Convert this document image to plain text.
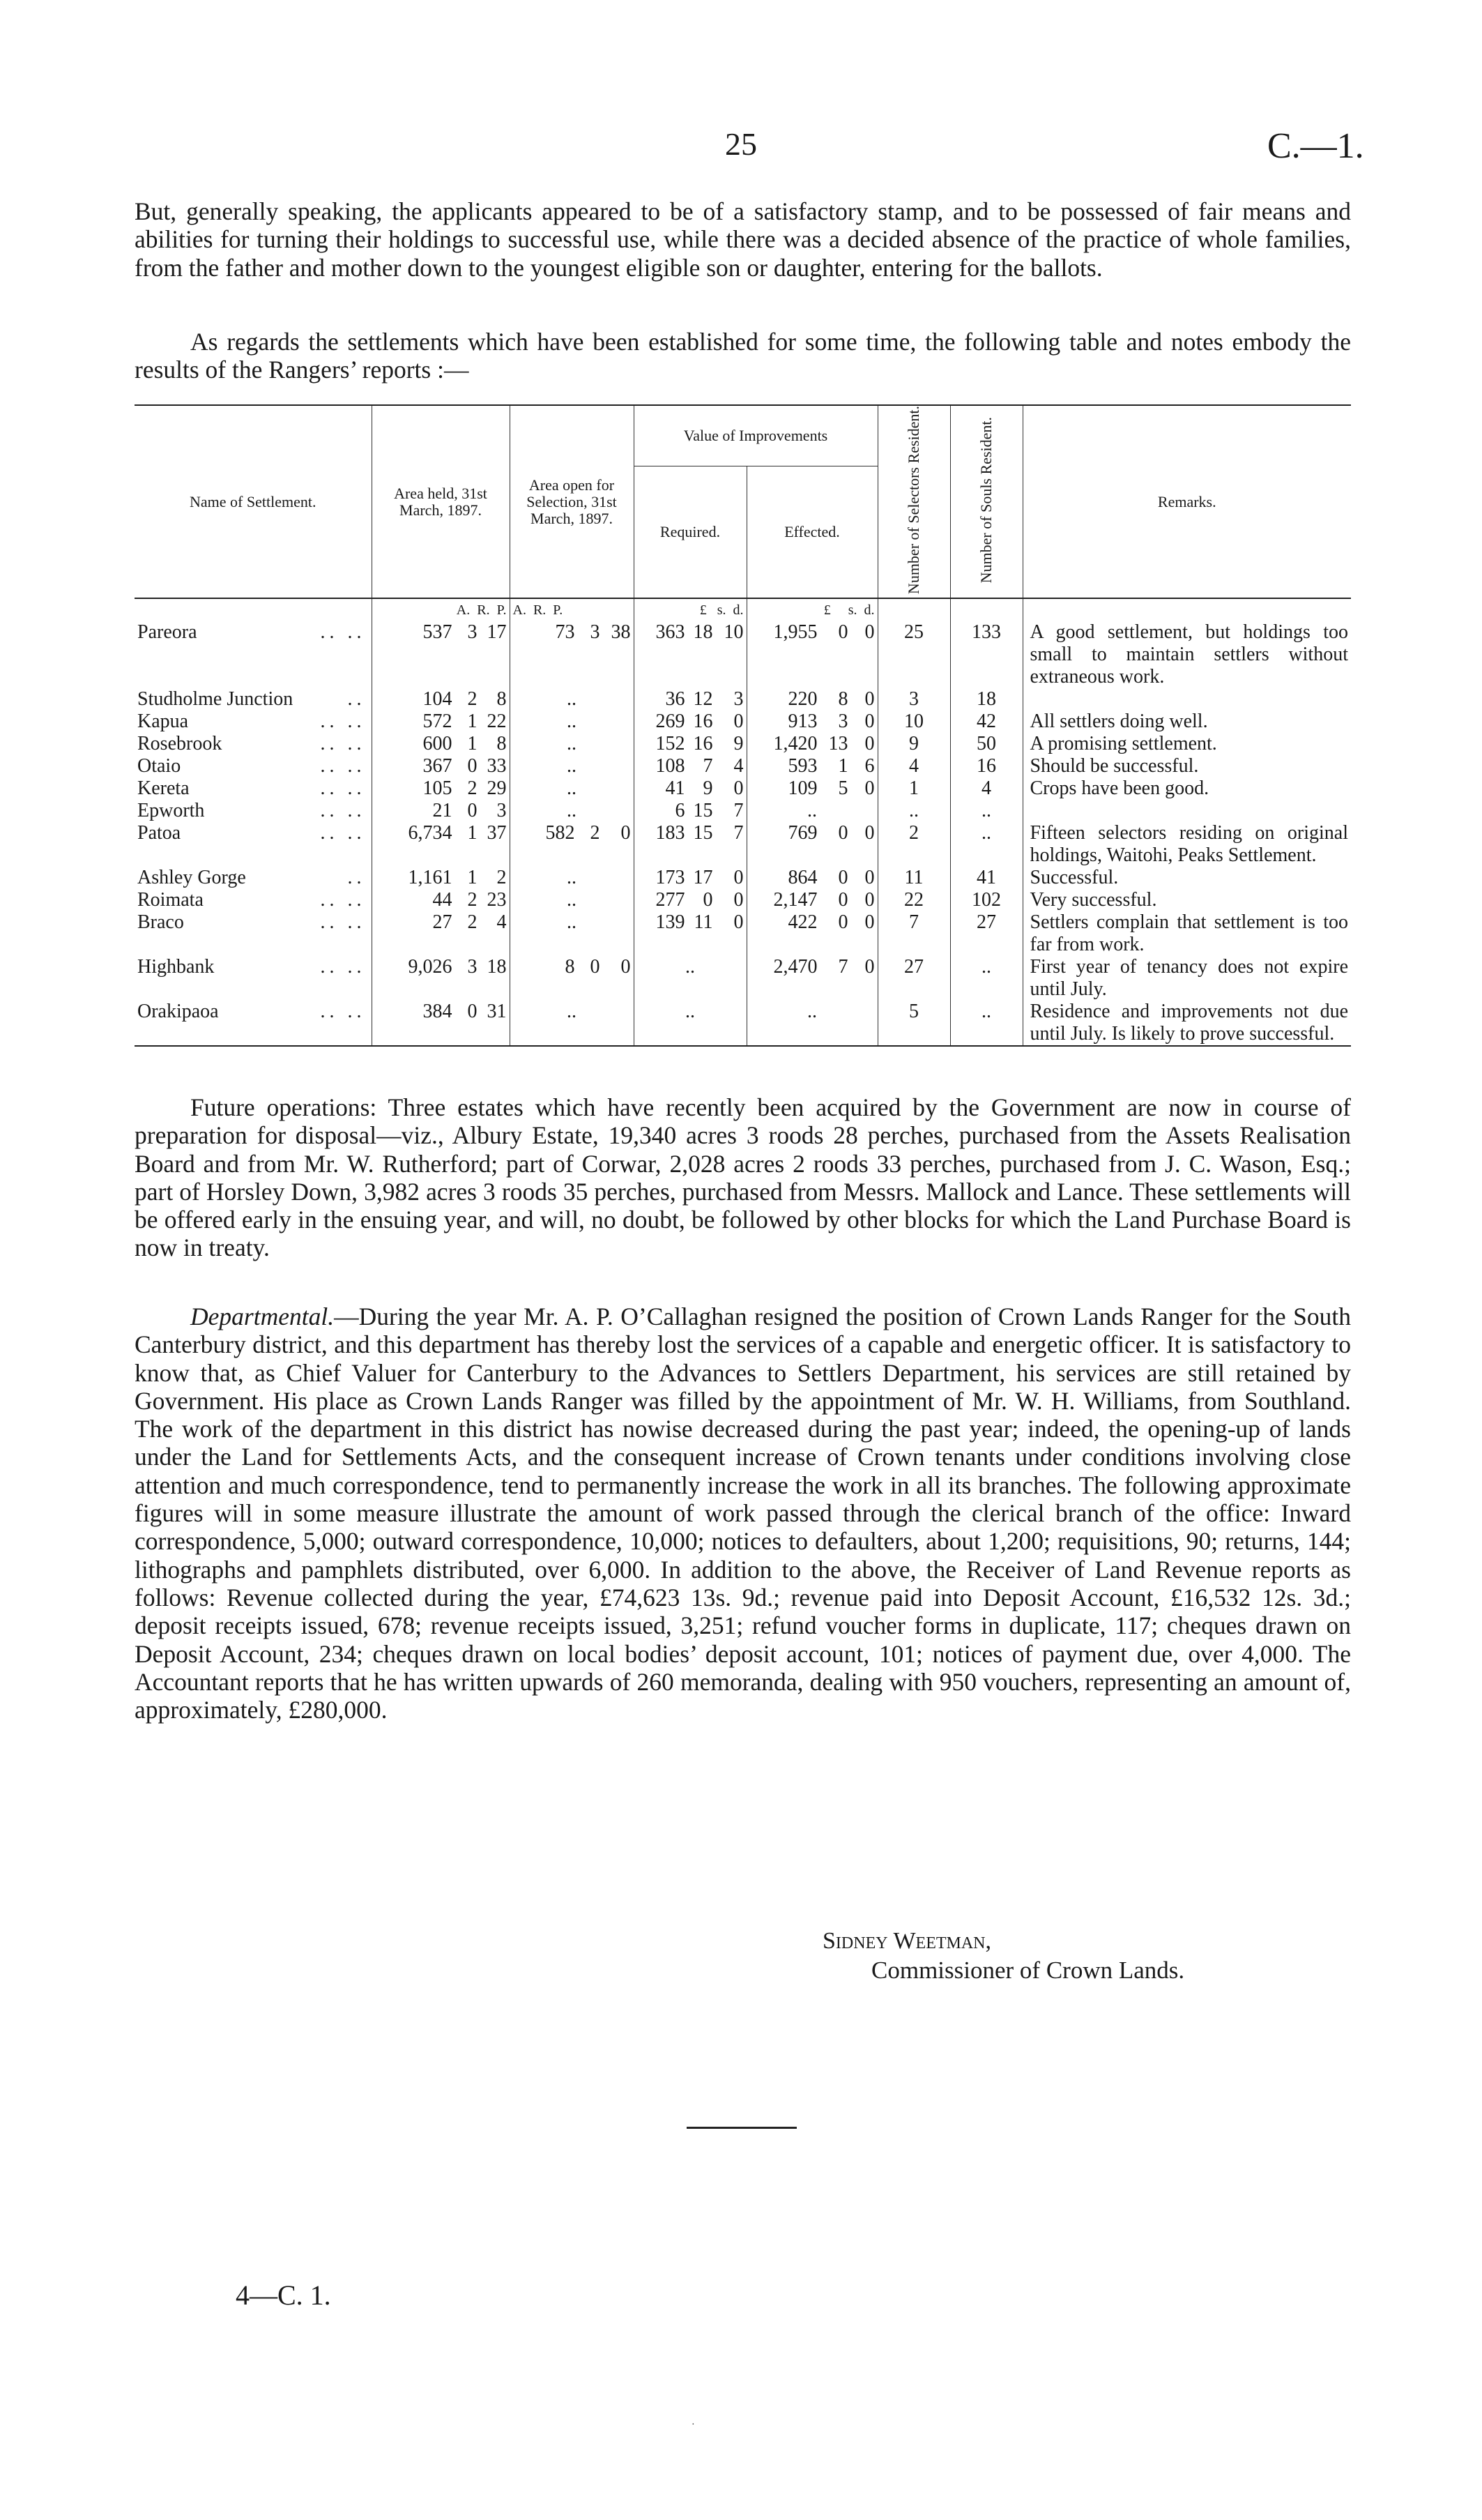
25	C.—1.

But, generally speaking, the applicants appeared to be of a satisfactory stamp, and to be possessed of fair means and abilities for turning their holdings to successful use, while there was a decided absence of the practice of whole families, from the father and mother down to the youngest eligible son or daughter, entering for the ballots.

As regards the settlements which have been established for some time, the following table and notes embody the results of the Rangers’ reports :—

Name of Settlement.	Area held, 31st March, 1897.	Area open for Selection, 31st March, 1897.	Value of Improvements		Number of Selectors Resident.	Number of Souls Resident.	Remarks.
			Required.	Effected.			
	A. R. P.	A. R. P.	£ s. d.	£ s. d.			
Pareora .. ..	537 3 17	73 3 38	363 18 10	1,955 0 0	25	133	A good settlement, but holdings too small to maintain settlers without extraneous work.
Studholme Junction ..	104 2 8	..	36 12 3	220 8 0	3	18	
Kapua .. ..	572 1 22	..	269 16 0	913 3 0	10	42	All settlers doing well.
Rosebrook .. ..	600 1 8	..	152 16 9	1,420 13 0	9	50	A promising settlement.
Otaio .. ..	367 0 33	..	108 7 4	593 1 6	4	16	Should be successful.
Kereta .. ..	105 2 29	..	41 9 0	109 5 0	1	4	Crops have been good.
Epworth .. ..	21 0 3	..	6 15 7	..	..	..	
Patoa .. ..	6,734 1 37	582 2 0	183 15 7	769 0 0	2	..	Fifteen selectors residing on original holdings, Waitohi, Peaks Settlement.
Ashley Gorge ..	1,161 1 2	..	173 17 0	864 0 0	11	41	Successful.
Roimata .. ..	44 2 23	..	277 0 0	2,147 0 0	22	102	Very successful.
Braco .. ..	27 2 4	..	139 11 0	422 0 0	7	27	Settlers complain that settlement is too far from work.
Highbank .. ..	9,026 3 18	8 0 0	..	2,470 7 0	27	..	First year of tenancy does not expire until July.
Orakipaoa .. ..	384 0 31	..	..	..	5	..	Residence and improvements not due until July. Is likely to prove successful.

Future operations: Three estates which have recently been acquired by the Government are now in course of preparation for disposal—viz., Albury Estate, 19,340 acres 3 roods 28 perches, purchased from the Assets Realisation Board and from Mr. W. Rutherford; part of Corwar, 2,028 acres 2 roods 33 perches, purchased from J. C. Wason, Esq.; part of Horsley Down, 3,982 acres 3 roods 35 perches, purchased from Messrs. Mallock and Lance. These settlements will be offered early in the ensuing year, and will, no doubt, be followed by other blocks for which the Land Purchase Board is now in treaty.

Departmental.—During the year Mr. A. P. O’Callaghan resigned the position of Crown Lands Ranger for the South Canterbury district, and this department has thereby lost the services of a capable and energetic officer. It is satisfactory to know that, as Chief Valuer for Canterbury to the Advances to Settlers Department, his services are still retained by Government. His place as Crown Lands Ranger was filled by the appointment of Mr. W. H. Williams, from Southland. The work of the department in this district has nowise decreased during the past year; indeed, the opening-up of lands under the Land for Settlements Acts, and the consequent increase of Crown tenants under conditions involving close attention and much correspondence, tend to permanently increase the work in all its branches. The following approximate figures will in some measure illustrate the amount of work passed through the clerical branch of the office: Inward correspondence, 5,000; outward correspondence, 10,000; notices to defaulters, about 1,200; requisitions, 90; returns, 144; lithographs and pamphlets distributed, over 6,000. In addition to the above, the Receiver of Land Revenue reports as follows: Revenue collected during the year, £74,623 13s. 9d.; revenue paid into Deposit Account, £16,532 12s. 3d.; deposit receipts issued, 678; revenue receipts issued, 3,251; refund voucher forms in duplicate, 117; cheques drawn on Deposit Account, 234; cheques drawn on local bodies’ deposit account, 101; notices of payment due, over 4,000. The Accountant reports that he has written upwards of 260 memoranda, dealing with 950 vouchers, representing an amount of, approximately, £280,000.

Sidney Weetman,
Commissioner of Crown Lands.
4—C. 1.
·
